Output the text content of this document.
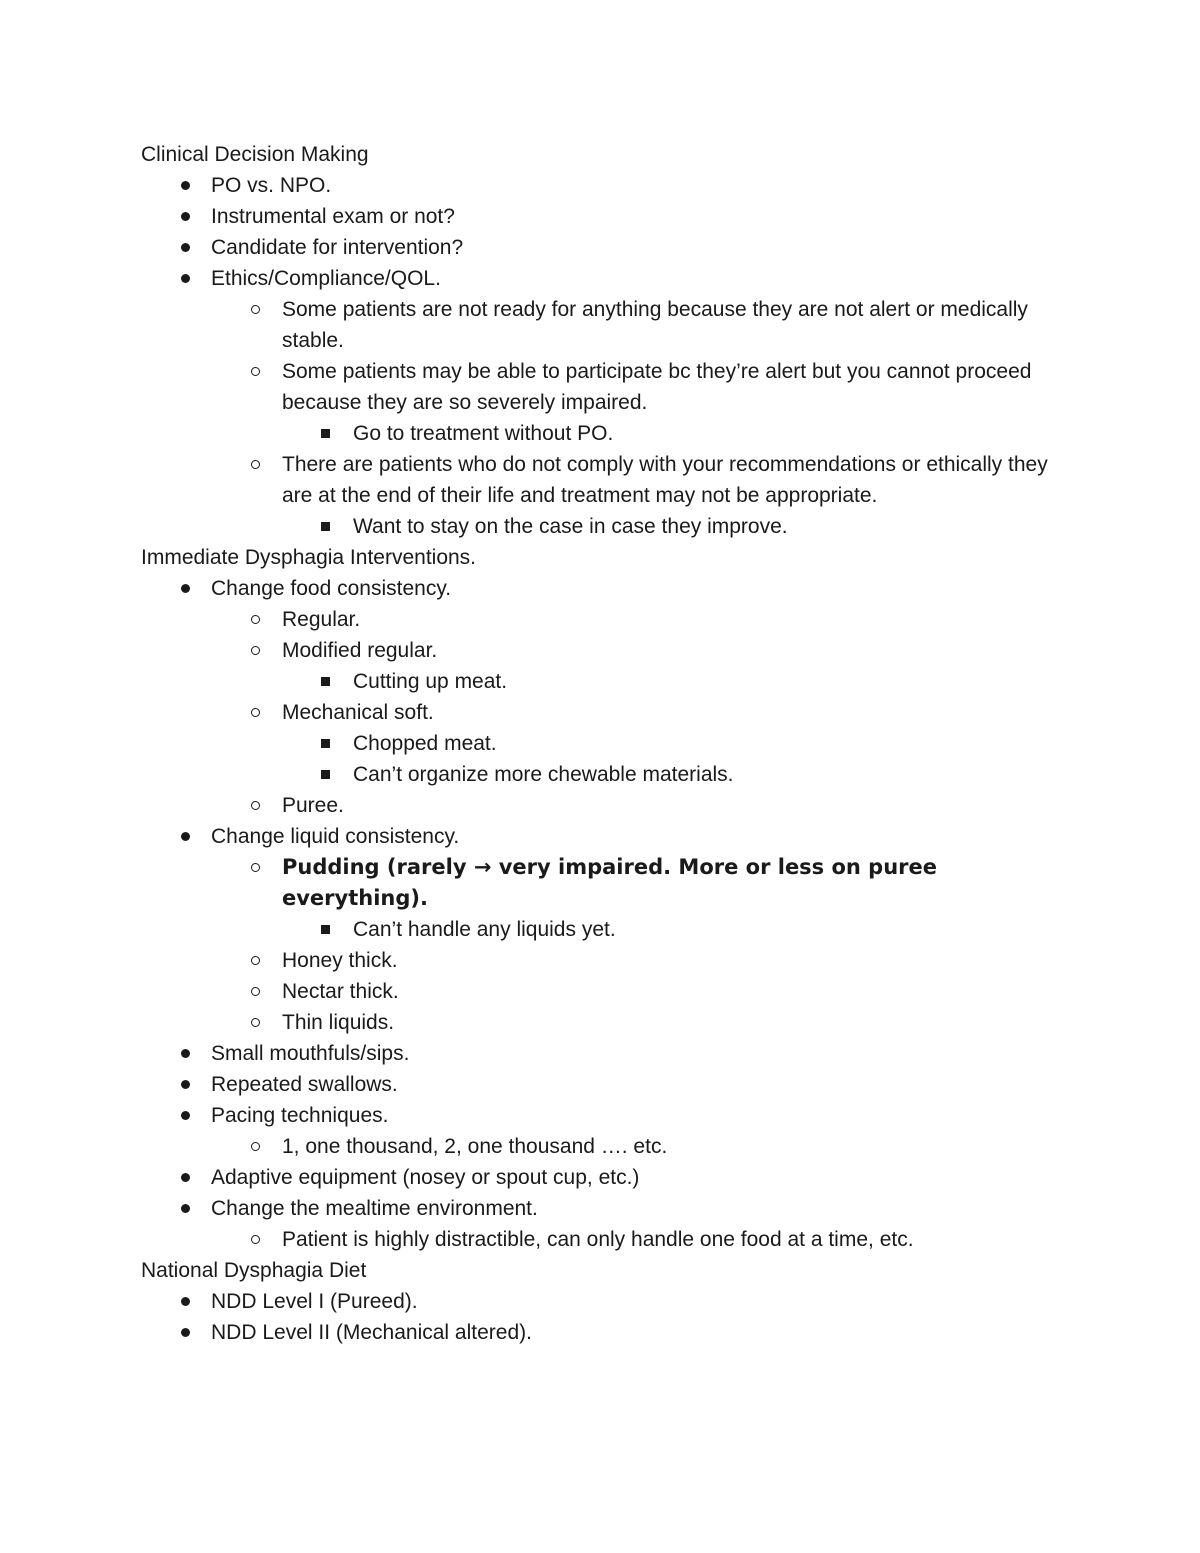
Clinical Decision Making
PO vs. NPO.
Instrumental exam or not?
Candidate for intervention?
Ethics/Compliance/QOL.
Some patients are not ready for anything because they are not alert or medically stable.
Some patients may be able to participate bc they’re alert but you cannot proceed because they are so severely impaired.
Go to treatment without PO.
There are patients who do not comply with your recommendations or ethically they are at the end of their life and treatment may not be appropriate.
Want to stay on the case in case they improve.
Immediate Dysphagia Interventions.
Change food consistency.
Regular.
Modified regular.
Cutting up meat.
Mechanical soft.
Chopped meat.
Can’t organize more chewable materials.
Puree.
Change liquid consistency.
Pudding (rarely → very impaired. More or less on puree everything).
Can’t handle any liquids yet.
Honey thick.
Nectar thick.
Thin liquids.
Small mouthfuls/sips.
Repeated swallows.
Pacing techniques.
1, one thousand, 2, one thousand …. etc.
Adaptive equipment (nosey or spout cup, etc.)
Change the mealtime environment.
Patient is highly distractible, can only handle one food at a time, etc.
National Dysphagia Diet
NDD Level I (Pureed).
NDD Level II (Mechanical altered).
